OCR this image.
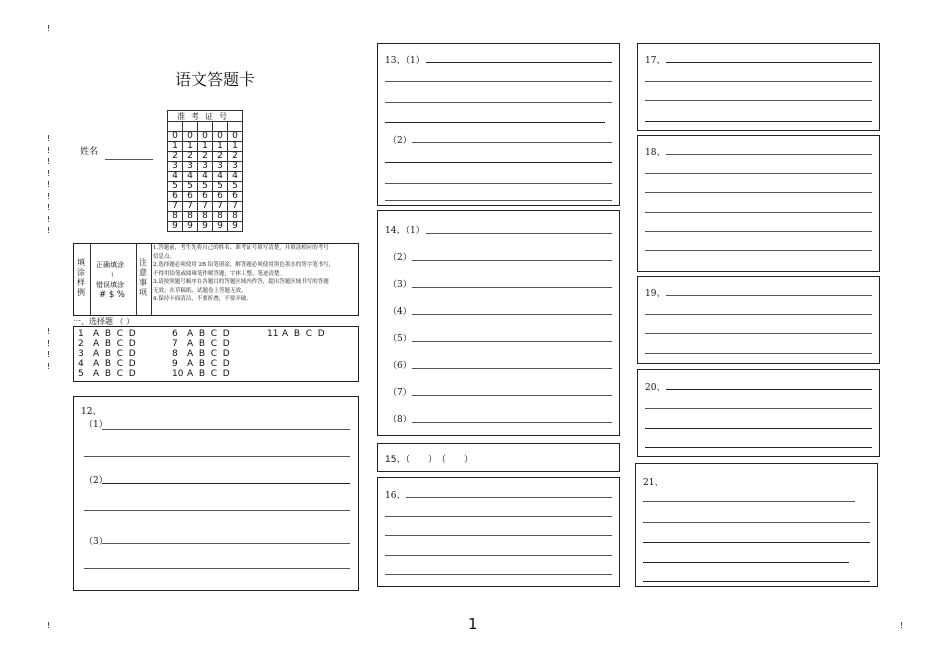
!
!
!
!
!
!
!
!
!
!
!
!
!
!
!	!
语文答题卡
姓名
准考证号				

0	0	0	0	0
1	1	1	1	1
2	2	2	2	2
3	3	3	3	3
4	4	4	4	4
5	5	5	5	5
6	6	6	6	6
7	7	7	7	7
8	8	8	8	8
9	9	9	9	9
填
涂
样
例
正确填涂
!
错误填涂
# $ %
注
意
事
项

1.答题前，考生先将自己的姓名、准考证号填写清楚，并填涂相应的考号

信息点。

2.选择题必须使用 2B 铅笔填涂，解答题必须使用黑色墨水的签字笔书写，

不得用铅笔或圆珠笔作解答题；字体工整、笔迹清楚。

3.请按照题号顺序在各题目的答题区域内作答，超出答题区域书写的答题

无效；在草稿纸、试题卷上答题无效。

4.保持卡面清洁，不要折叠，不要弄破。

一、选择题 （ ）
1 A  B  C  D
2 A  B  C  D
3 A  B  C  D
4 A  B  C  D
5 A  B  C  D
6 A  B  C  D
7 A  B  C  D
8 A  B  C  D
9 A  B  C  D
10 A  B  C  D
11 A  B  C  D
12、
（1）
（2）
（3）
13、（1）
（2）
14、（1）
（2）
（3）
（4）
（5）
（6）
（7）
（8）
15、（　　）　（　　）
16、
17、
18、
19、
20、
21、
1
